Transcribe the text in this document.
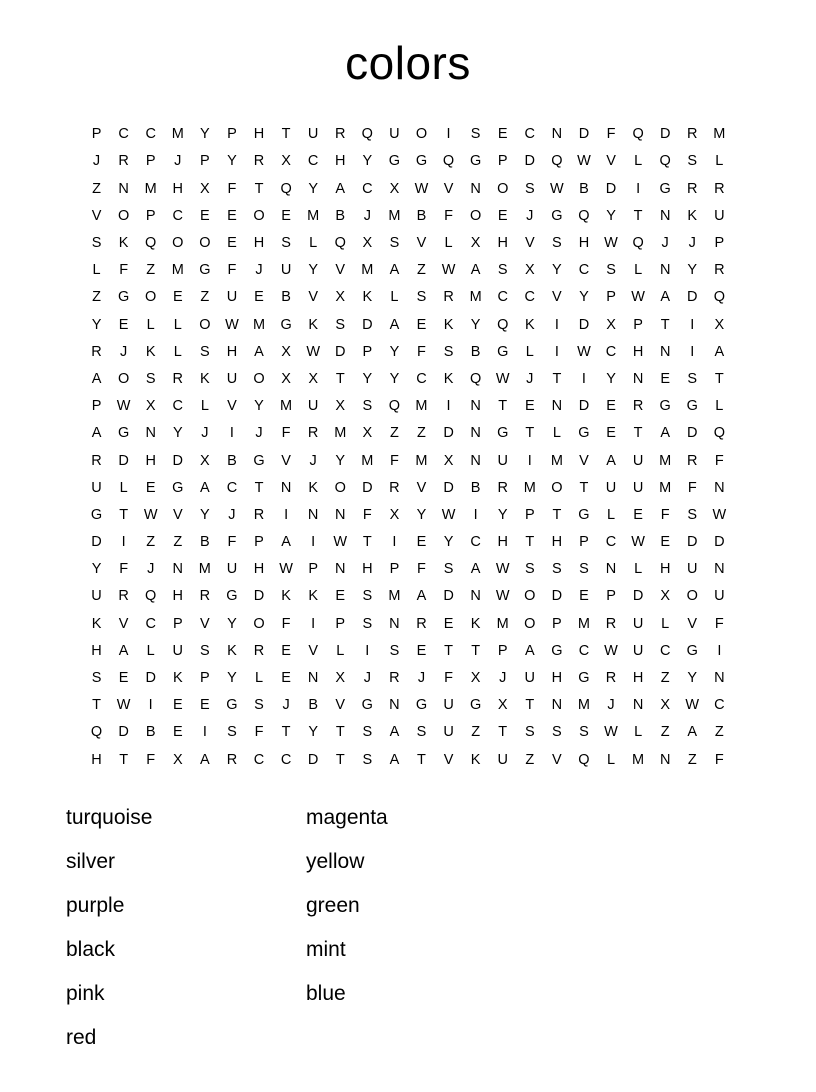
colors
P	C	C	M	Y	P	H	T	U	R	Q	U	O	I	S	E	C	N	D	F	Q	D	R	M
J	R	P	J	P	Y	R	X	C	H	Y	G	G	Q	G	P	D	Q	W	V	L	Q	S	L
Z	N	M	H	X	F	T	Q	Y	A	C	X	W	V	N	O	S	W	B	D	I	G	R	R
V	O	P	C	E	E	O	E	M	B	J	M	B	F	O	E	J	G	Q	Y	T	N	K	U
S	K	Q	O	O	E	H	S	L	Q	X	S	V	L	X	H	V	S	H	W	Q	J	J	P
L	F	Z	M	G	F	J	U	Y	V	M	A	Z	W	A	S	X	Y	C	S	L	N	Y	R
Z	G	O	E	Z	U	E	B	V	X	K	L	S	R	M	C	C	V	Y	P	W	A	D	Q
Y	E	L	L	O	W M	G	K	S	D	A	E	K	Y	Q	K	I	D	X	P	T	I	X
R	J	K	L	S	H	A	X	W	D	P	Y	F	S	B	G	L	I	W	C	H	N	I	A
A	O	S	R	K	U	O	X	X	T	Y	Y	C	K	Q	W	J	T	I	Y	N	E	S	T
P	W	X	C	L	V	Y	M	U	X	S	Q	M	I	N	T	E	N	D	E	R	G	G	L
A	G	N	Y	J	I	J	F	R	M	X	Z	Z	D	N	G	T	L	G	E	T	A	D	Q
R	D	H	D	X	B	G	V	J	Y	M	F	M	X	N	U	I	M	V	A	U	M	R	F
U	L	E	G	A	C	T	N	K	O	D	R	V	D	B	R	M	O	T	U	U	M	F	N
G	T	W	V	Y	J	R	I	N	N	F	X	Y	W	I	Y	P	T	G	L	E	F	S	W
D	I	Z	Z	B	F	P	A	I	W	T	I	E	Y	C	H	T	H	P	C	W	E	D	D
Y	F	J	N	M	U	H	W	P	N	H	P	F	S	A	W	S	S	S	N	L	H	U	N
U	R	Q	H	R	G	D	K	K	E	S	M	A	D	N	W	O	D	E	P	D	X	O	U
K	V	C	P	V	Y	O	F	I	P	S	N	R	E	K	M	O	P	M	R	U	L	V	F
H	A	L	U	S	K	R	E	V	L	I	S	E	T	T	P	A	G	C	W	U	C	G	I
S	E	D	K	P	Y	L	E	N	X	J	R	J	F	X	J	U	H	G	R	H	Z	Y	N
T	W	I	E	E	G	S	J	B	V	G	N	G	U	G	X	T	N	M	J	N	X	W	C
Q	D	B	E	I	S	F	T	Y	T	S	A	S	U	Z	T	S	S	S	W	L	Z	A	Z
H	T	F	X	A	R	C	C	D	T	S	A	T	V	K	U	Z	V	Q	L	M	N	Z	F
turquoise	magenta
silver	yellow
purple	green
black	mint
pink	blue
red
